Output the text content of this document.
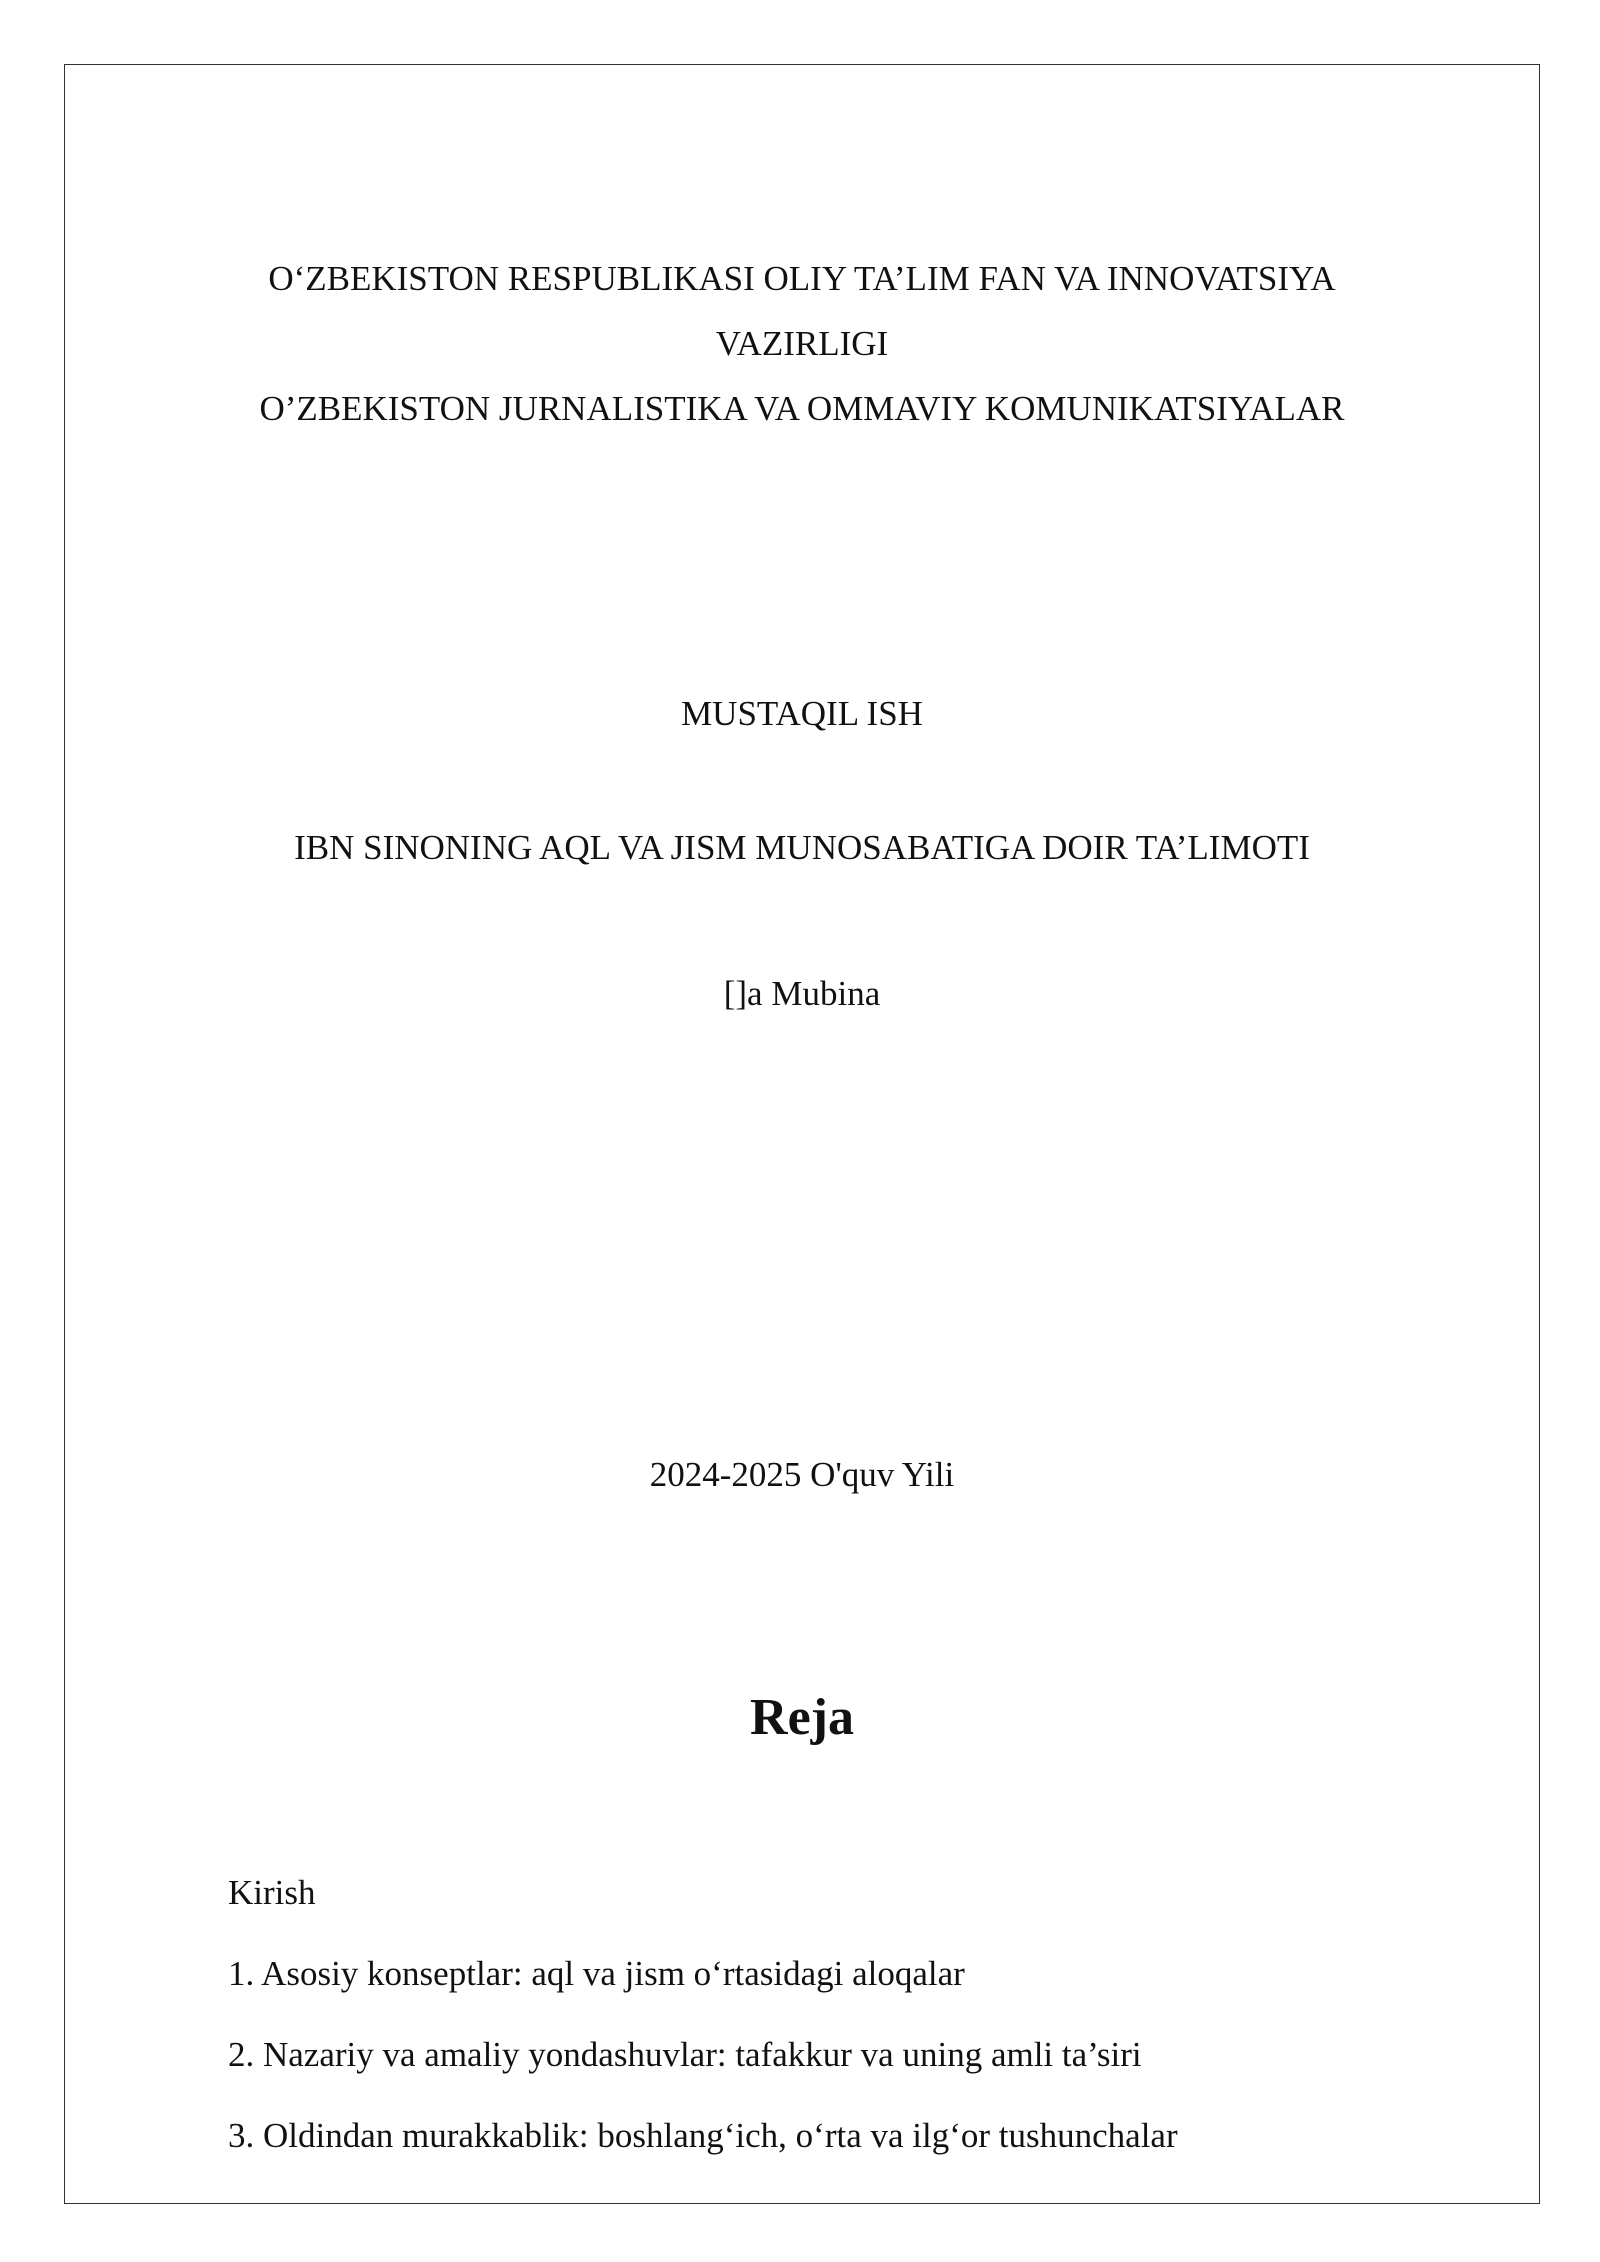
O‘ZBEKISTON RESPUBLIKASI OLIY TA’LIM FAN VA INNOVATSIYA
VAZIRLIGI
O’ZBEKISTON JURNALISTIKA VA OMMAVIY KOMUNIKATSIYALAR
MUSTAQIL ISH
IBN SINONING AQL VA JISM MUNOSABATIGA DOIR TA’LIMOTI
[]a Mubina
2024-2025 O'quv Yili
Reja
Kirish
1. Asosiy konseptlar: aql va jism o‘rtasidagi aloqalar
2. Nazariy va amaliy yondashuvlar: tafakkur va uning amli ta’siri
3. Oldindan murakkablik: boshlang‘ich, o‘rta va ilg‘or tushunchalar
